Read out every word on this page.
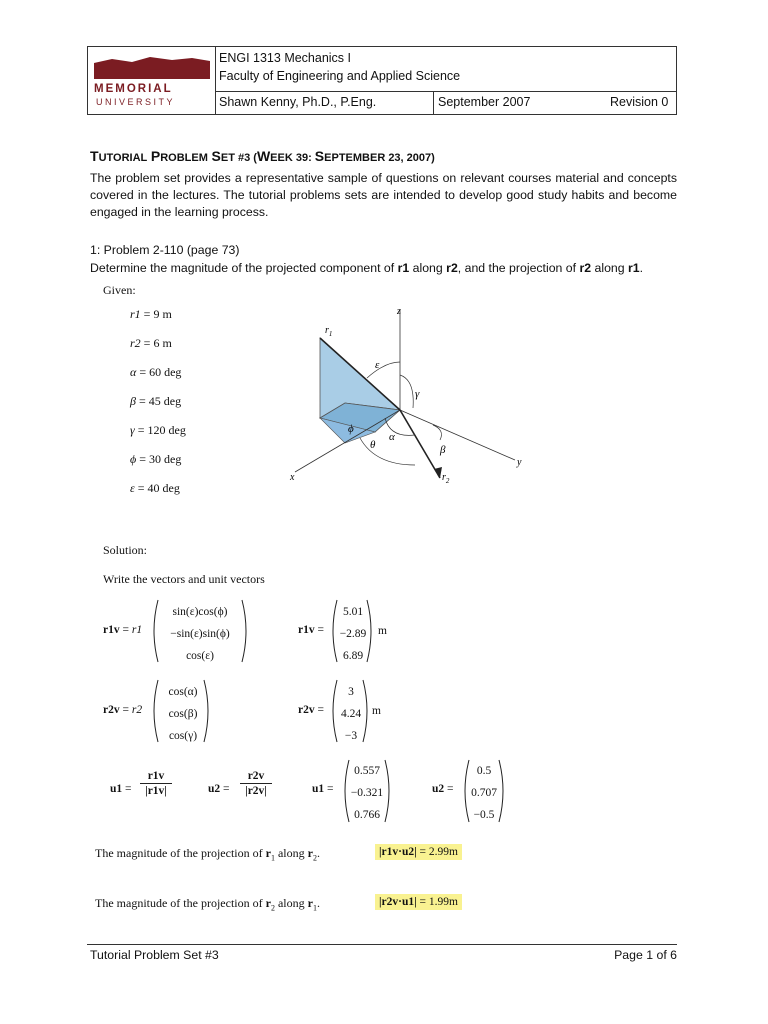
MEMORIAL
UNIVERSITY
ENGI 1313 Mechanics I
Faculty of Engineering and Applied Science
Shawn Kenny, Ph.D., P.Eng.	September 2007	Revision 0
TUTORIAL PROBLEM SET #3 (WEEK 39: SEPTEMBER 23, 2007)
The problem set provides a representative sample of questions on relevant courses material and concepts covered in the lectures. The tutorial problems sets are intended to develop good study habits and become engaged in the learning process.
1: Problem 2-110 (page 73)
Determine the magnitude of the projected component of r1 along r2, and the projection of r2 along r1.
Given:
r1 = 9 m
r2 = 6 m
α = 60 deg
β = 45 deg
γ = 120 deg
ϕ = 30 deg
ε = 40 deg
z
y
x
$r_1$
$r_2$
ε
γ
α
β
θ
ϕ
Solution:
Write the vectors and unit vectors
r1v = r1
sin(ε)cos(ϕ)
−sin(ε)sin(ϕ)
cos(ε)
r1v =
5.01
−2.89
6.89
m
r2v = r2
cos(α)
cos(β)
cos(γ)
r2v =
3
4.24
−3
m
u1 =
r1v
|r1v|	u2 =
r2v
|r2v|	u1 =
0.557
−0.321
0.766
u2 =
0.5
0.707
−0.5
The magnitude of the projection of $r_1$ along $r_2$.	|r1v·u2| = 2.99m
The magnitude of the projection of $r_2$ along $r_1$.	|r2v·u1| = 1.99m
Tutorial Problem Set #3	Page 1 of 6
